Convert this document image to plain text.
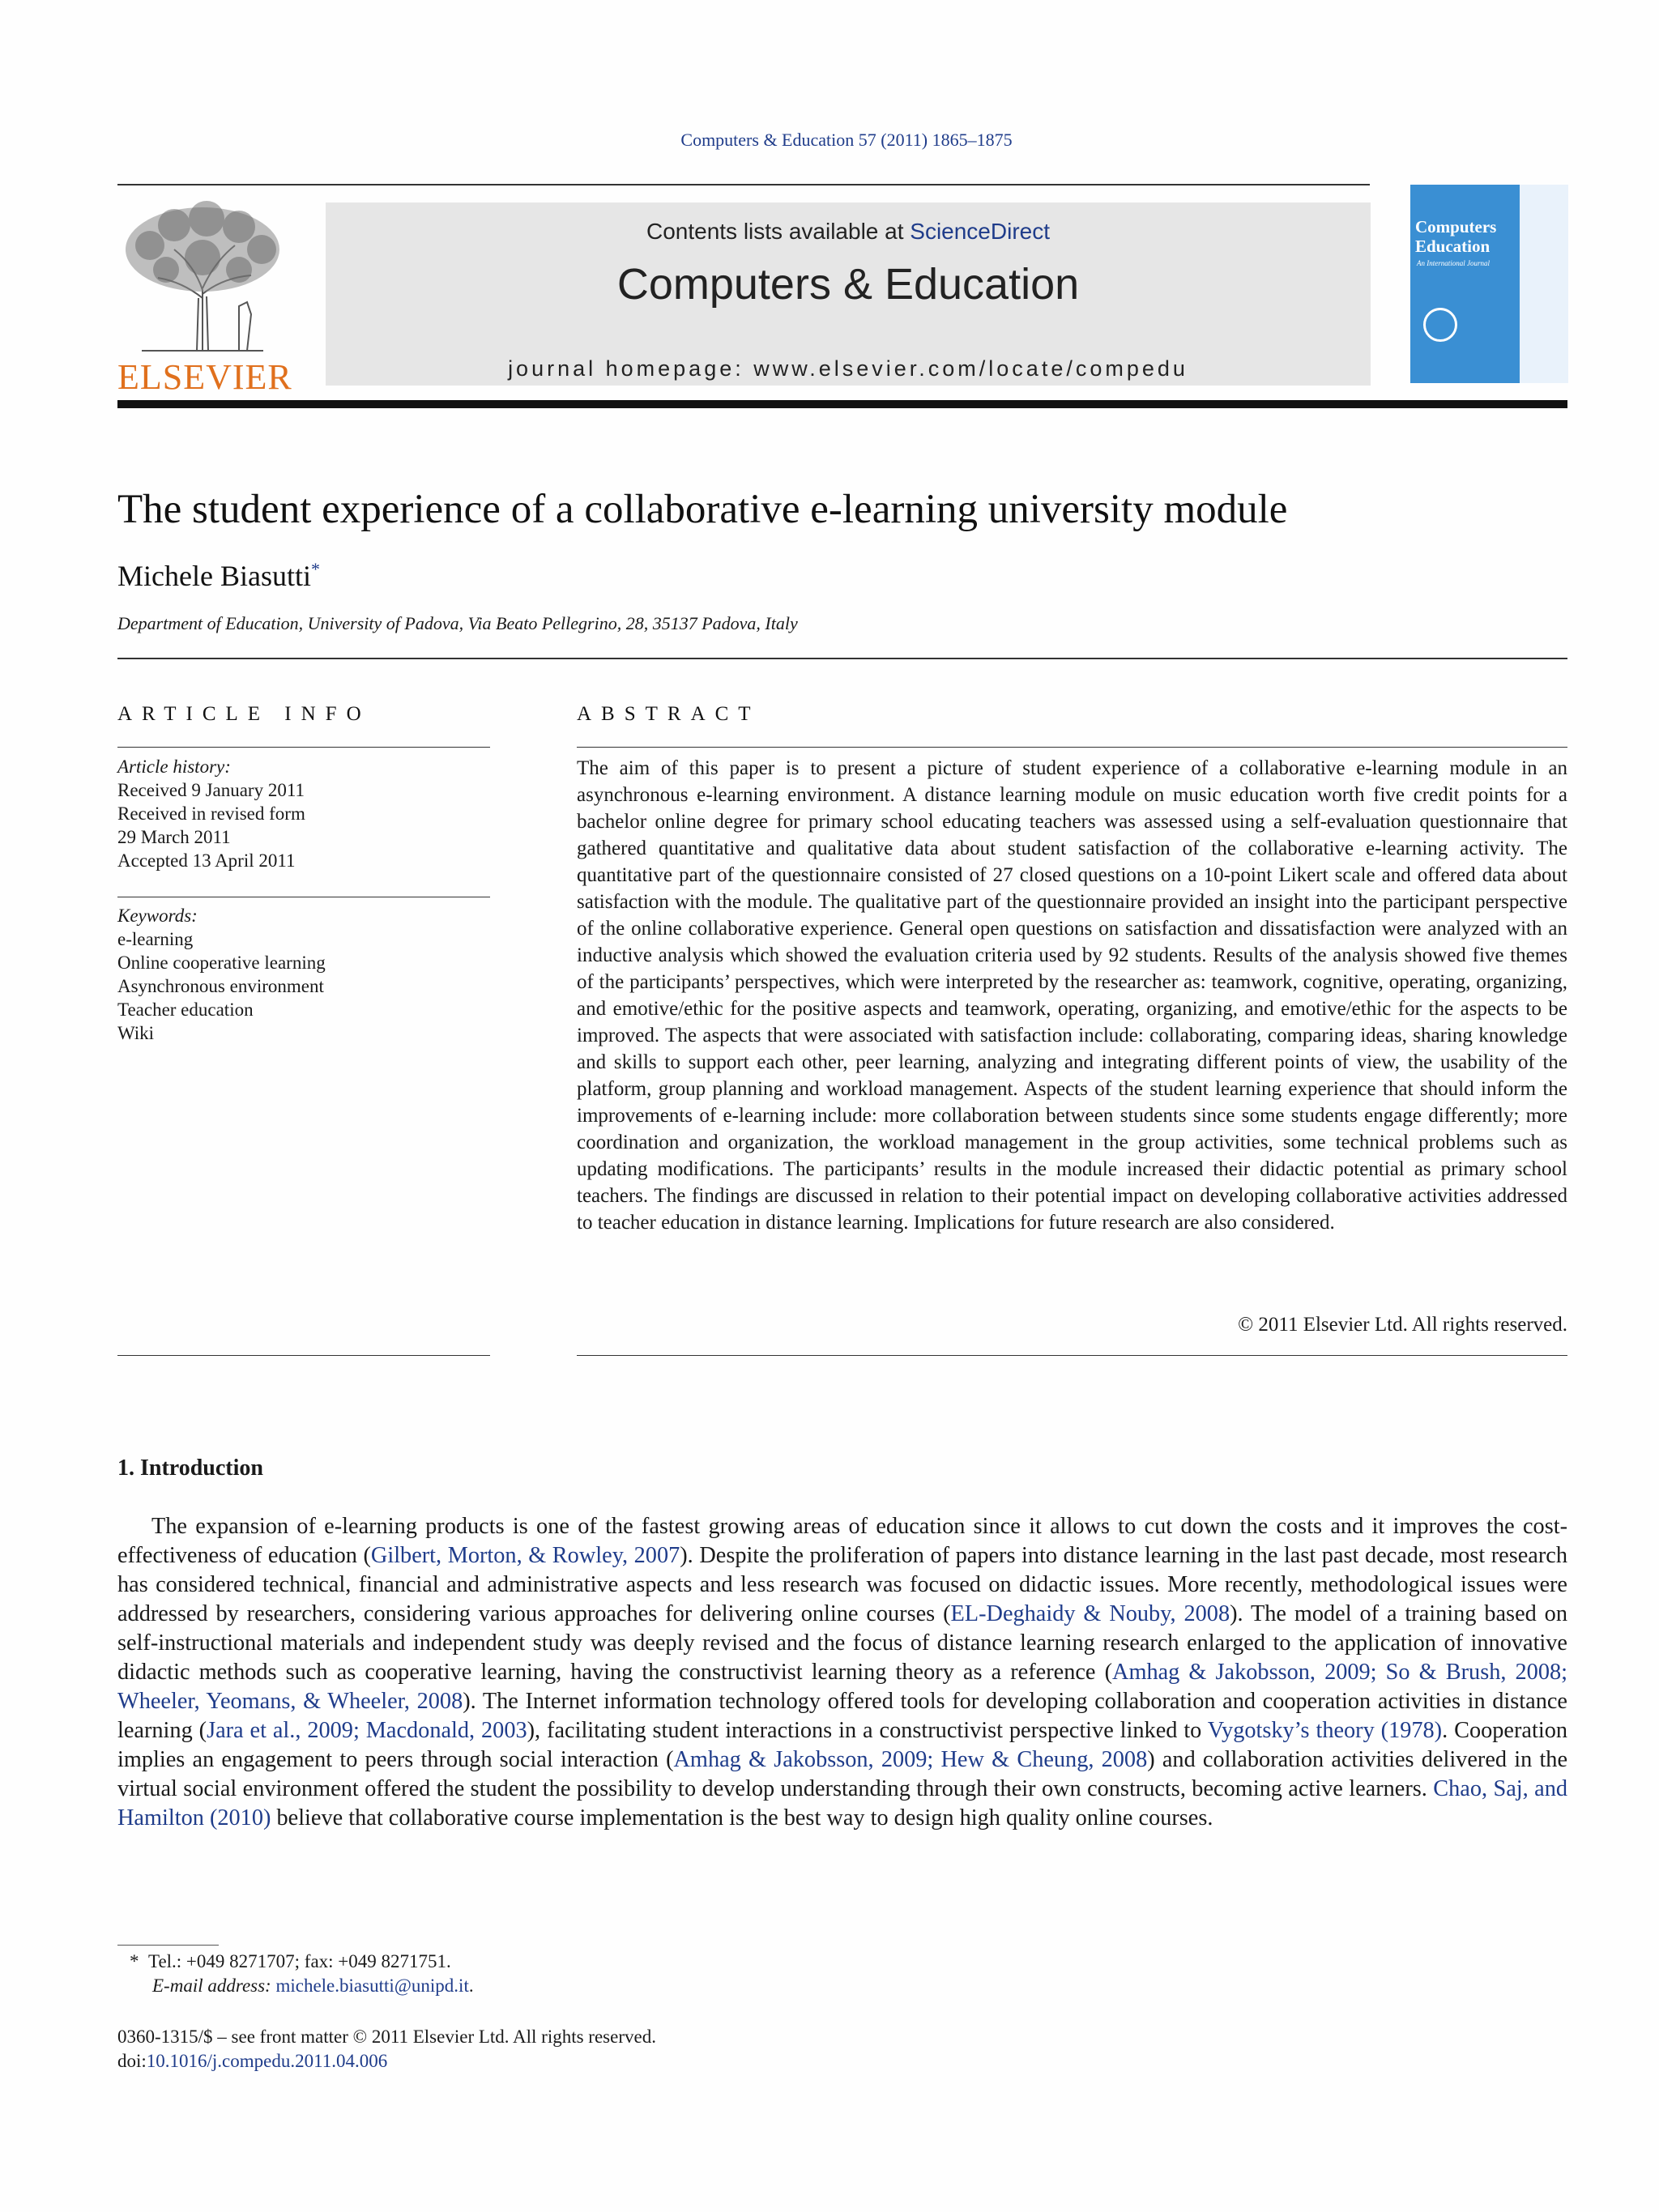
Computers & Education 57 (2011) 1865–1875
ELSEVIER
Contents lists available at ScienceDirect
Computers & Education
journal homepage: www.elsevier.com/locate/compedu
Computers
Education
An International Journal
The student experience of a collaborative e-learning university module
Michele Biasutti*
Department of Education, University of Padova, Via Beato Pellegrino, 28, 35137 Padova, Italy
ARTICLE INFO
Article history:
Received 9 January 2011
Received in revised form
29 March 2011
Accepted 13 April 2011
Keywords:
e-learning
Online cooperative learning
Asynchronous environment
Teacher education
Wiki
ABSTRACT
The aim of this paper is to present a picture of student experience of a collaborative e-learning module in an asynchronous e-learning environment. A distance learning module on music education worth five credit points for a bachelor online degree for primary school educating teachers was assessed using a self-evaluation questionnaire that gathered quantitative and qualitative data about student satisfaction of the collaborative e-learning activity. The quantitative part of the questionnaire consisted of 27 closed questions on a 10-point Likert scale and offered data about satisfaction with the module. The qualitative part of the questionnaire provided an insight into the participant perspective of the online collaborative experience. General open questions on satisfaction and dissatisfaction were analyzed with an inductive analysis which showed the evaluation criteria used by 92 students. Results of the analysis showed five themes of the participants’ perspectives, which were interpreted by the researcher as: teamwork, cognitive, operating, organizing, and emotive/ethic for the positive aspects and teamwork, operating, organizing, and emotive/ethic for the aspects to be improved. The aspects that were associated with satisfaction include: collaborating, comparing ideas, sharing knowledge and skills to support each other, peer learning, analyzing and integrating different points of view, the usability of the platform, group planning and workload management. Aspects of the student learning experience that should inform the improvements of e-learning include: more collaboration between students since some students engage differently; more coordination and organization, the workload management in the group activities, some technical problems such as updating modifications. The participants’ results in the module increased their didactic potential as primary school teachers. The findings are discussed in relation to their potential impact on developing collaborative activities addressed to teacher education in distance learning. Implications for future research are also considered.
© 2011 Elsevier Ltd. All rights reserved.
1. Introduction
The expansion of e-learning products is one of the fastest growing areas of education since it allows to cut down the costs and it improves the cost-effectiveness of education (Gilbert, Morton, & Rowley, 2007). Despite the proliferation of papers into distance learning in the last past decade, most research has considered technical, financial and administrative aspects and less research was focused on didactic issues. More recently, methodological issues were addressed by researchers, considering various approaches for delivering online courses (EL-Deghaidy & Nouby, 2008). The model of a training based on self-instructional materials and independent study was deeply revised and the focus of distance learning research enlarged to the application of innovative didactic methods such as cooperative learning, having the constructivist learning theory as a reference (Amhag & Jakobsson, 2009; So & Brush, 2008; Wheeler, Yeomans, & Wheeler, 2008). The Internet information technology offered tools for developing collaboration and cooperation activities in distance learning (Jara et al., 2009; Macdonald, 2003), facilitating student interactions in a constructivist perspective linked to Vygotsky’s theory (1978). Cooperation implies an engagement to peers through social interaction (Amhag & Jakobsson, 2009; Hew & Cheung, 2008) and collaboration activities delivered in the virtual social environment offered the student the possibility to develop understanding through their own constructs, becoming active learners. Chao, Saj, and Hamilton (2010) believe that collaborative course implementation is the best way to design high quality online courses.
* Tel.: +049 8271707; fax: +049 8271751.
E-mail address: michele.biasutti@unipd.it.
0360-1315/$ – see front matter © 2011 Elsevier Ltd. All rights reserved.
doi:10.1016/j.compedu.2011.04.006
